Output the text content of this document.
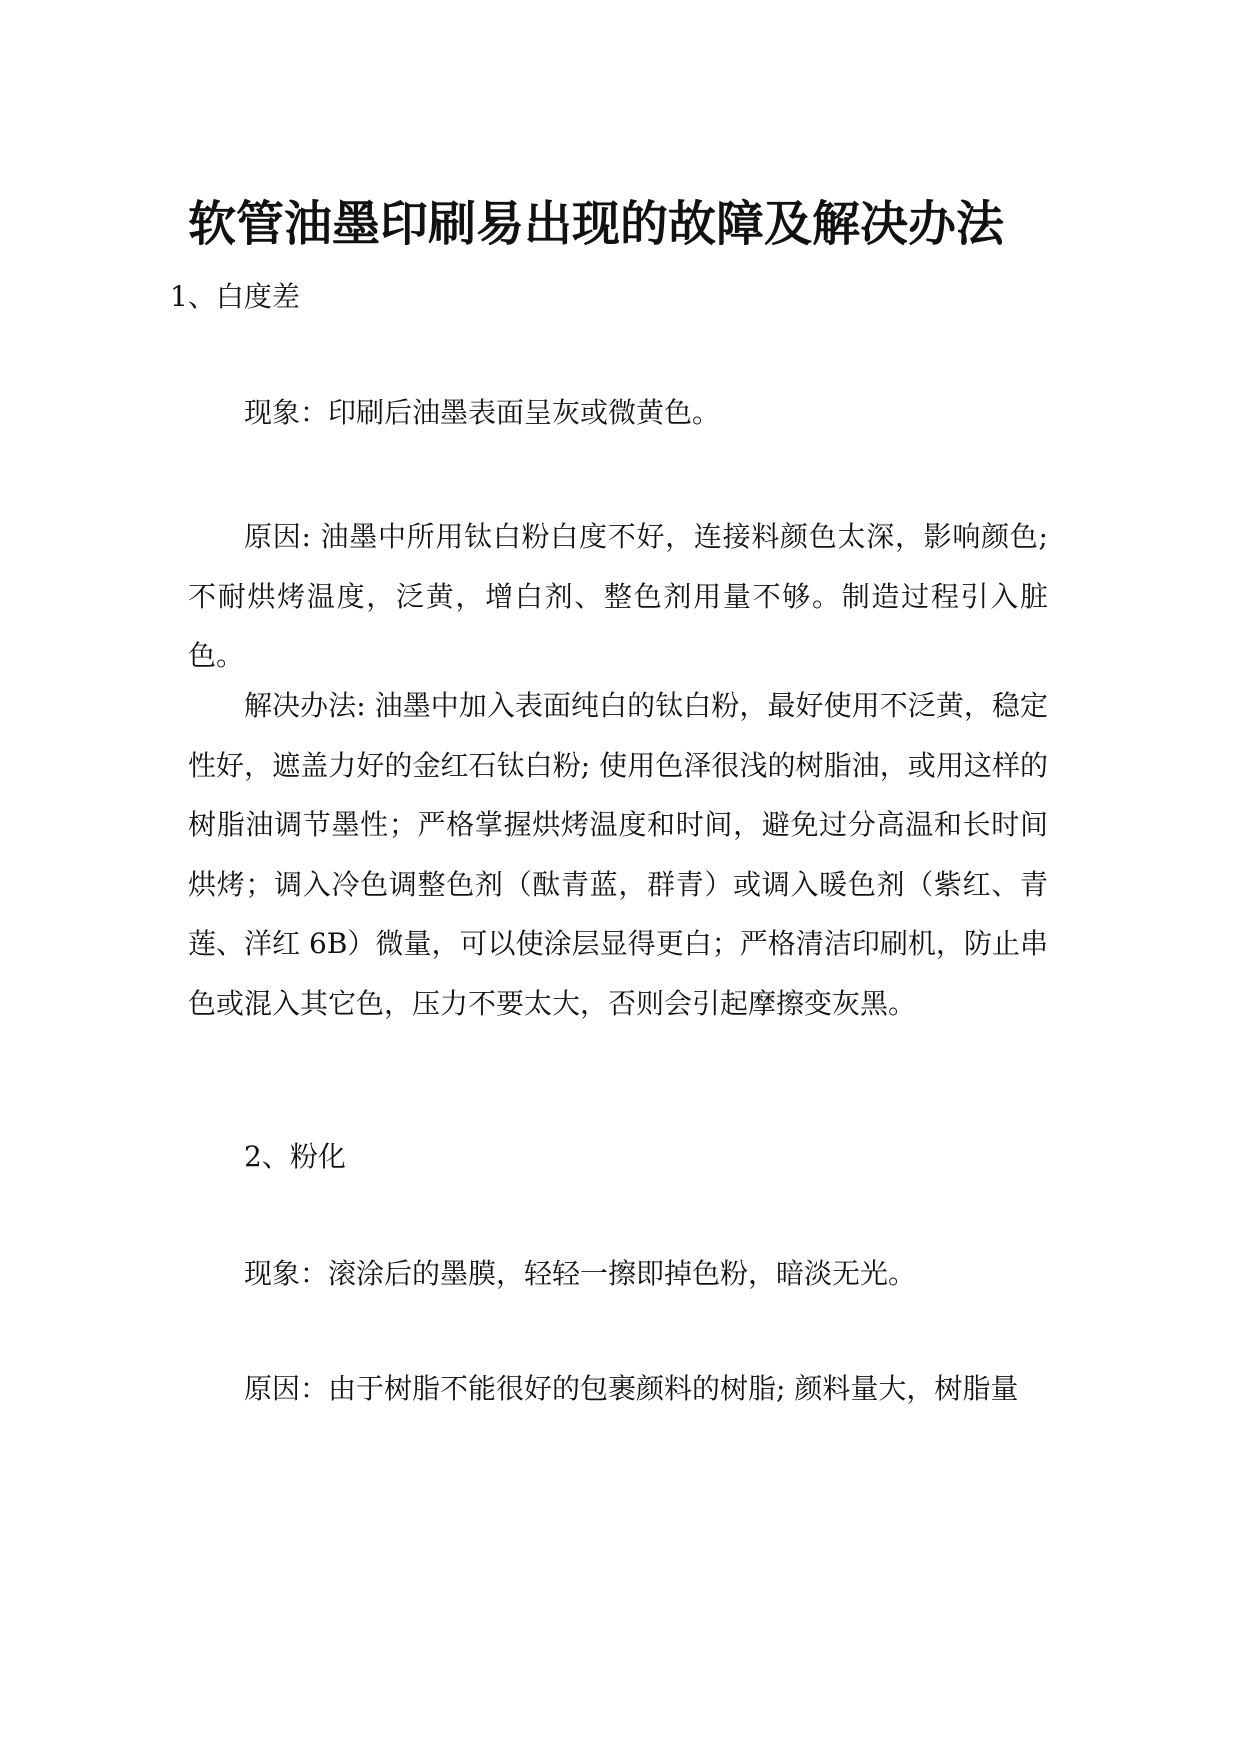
软管油墨印刷易出现的故障及解决办法

1、白度差

现象：印刷后油墨表面呈灰或微黄色。

原因: 油墨中所用钛白粉白度不好，连接料颜色太深，影响颜色; 不耐烘烤温度，泛黄，增白剂、整色剂用量不够。制造过程引入脏色。

解决办法: 油墨中加入表面纯白的钛白粉，最好使用不泛黄，稳定性好，遮盖力好的金红石钛白粉; 使用色泽很浅的树脂油，或用这样的树脂油调节墨性；严格掌握烘烤温度和时间，避免过分高温和长时间烘烤；调入冷色调整色剂（酞青蓝，群青）或调入暖色剂（紫红、青莲、洋红 6B）微量，可以使涂层显得更白；严格清洁印刷机，防止串色或混入其它色，压力不要太大，否则会引起摩擦变灰黑。

2、粉化

现象：滚涂后的墨膜，轻轻一擦即掉色粉，暗淡无光。

原因：由于树脂不能很好的包裹颜料的树脂; 颜料量大，树脂量
